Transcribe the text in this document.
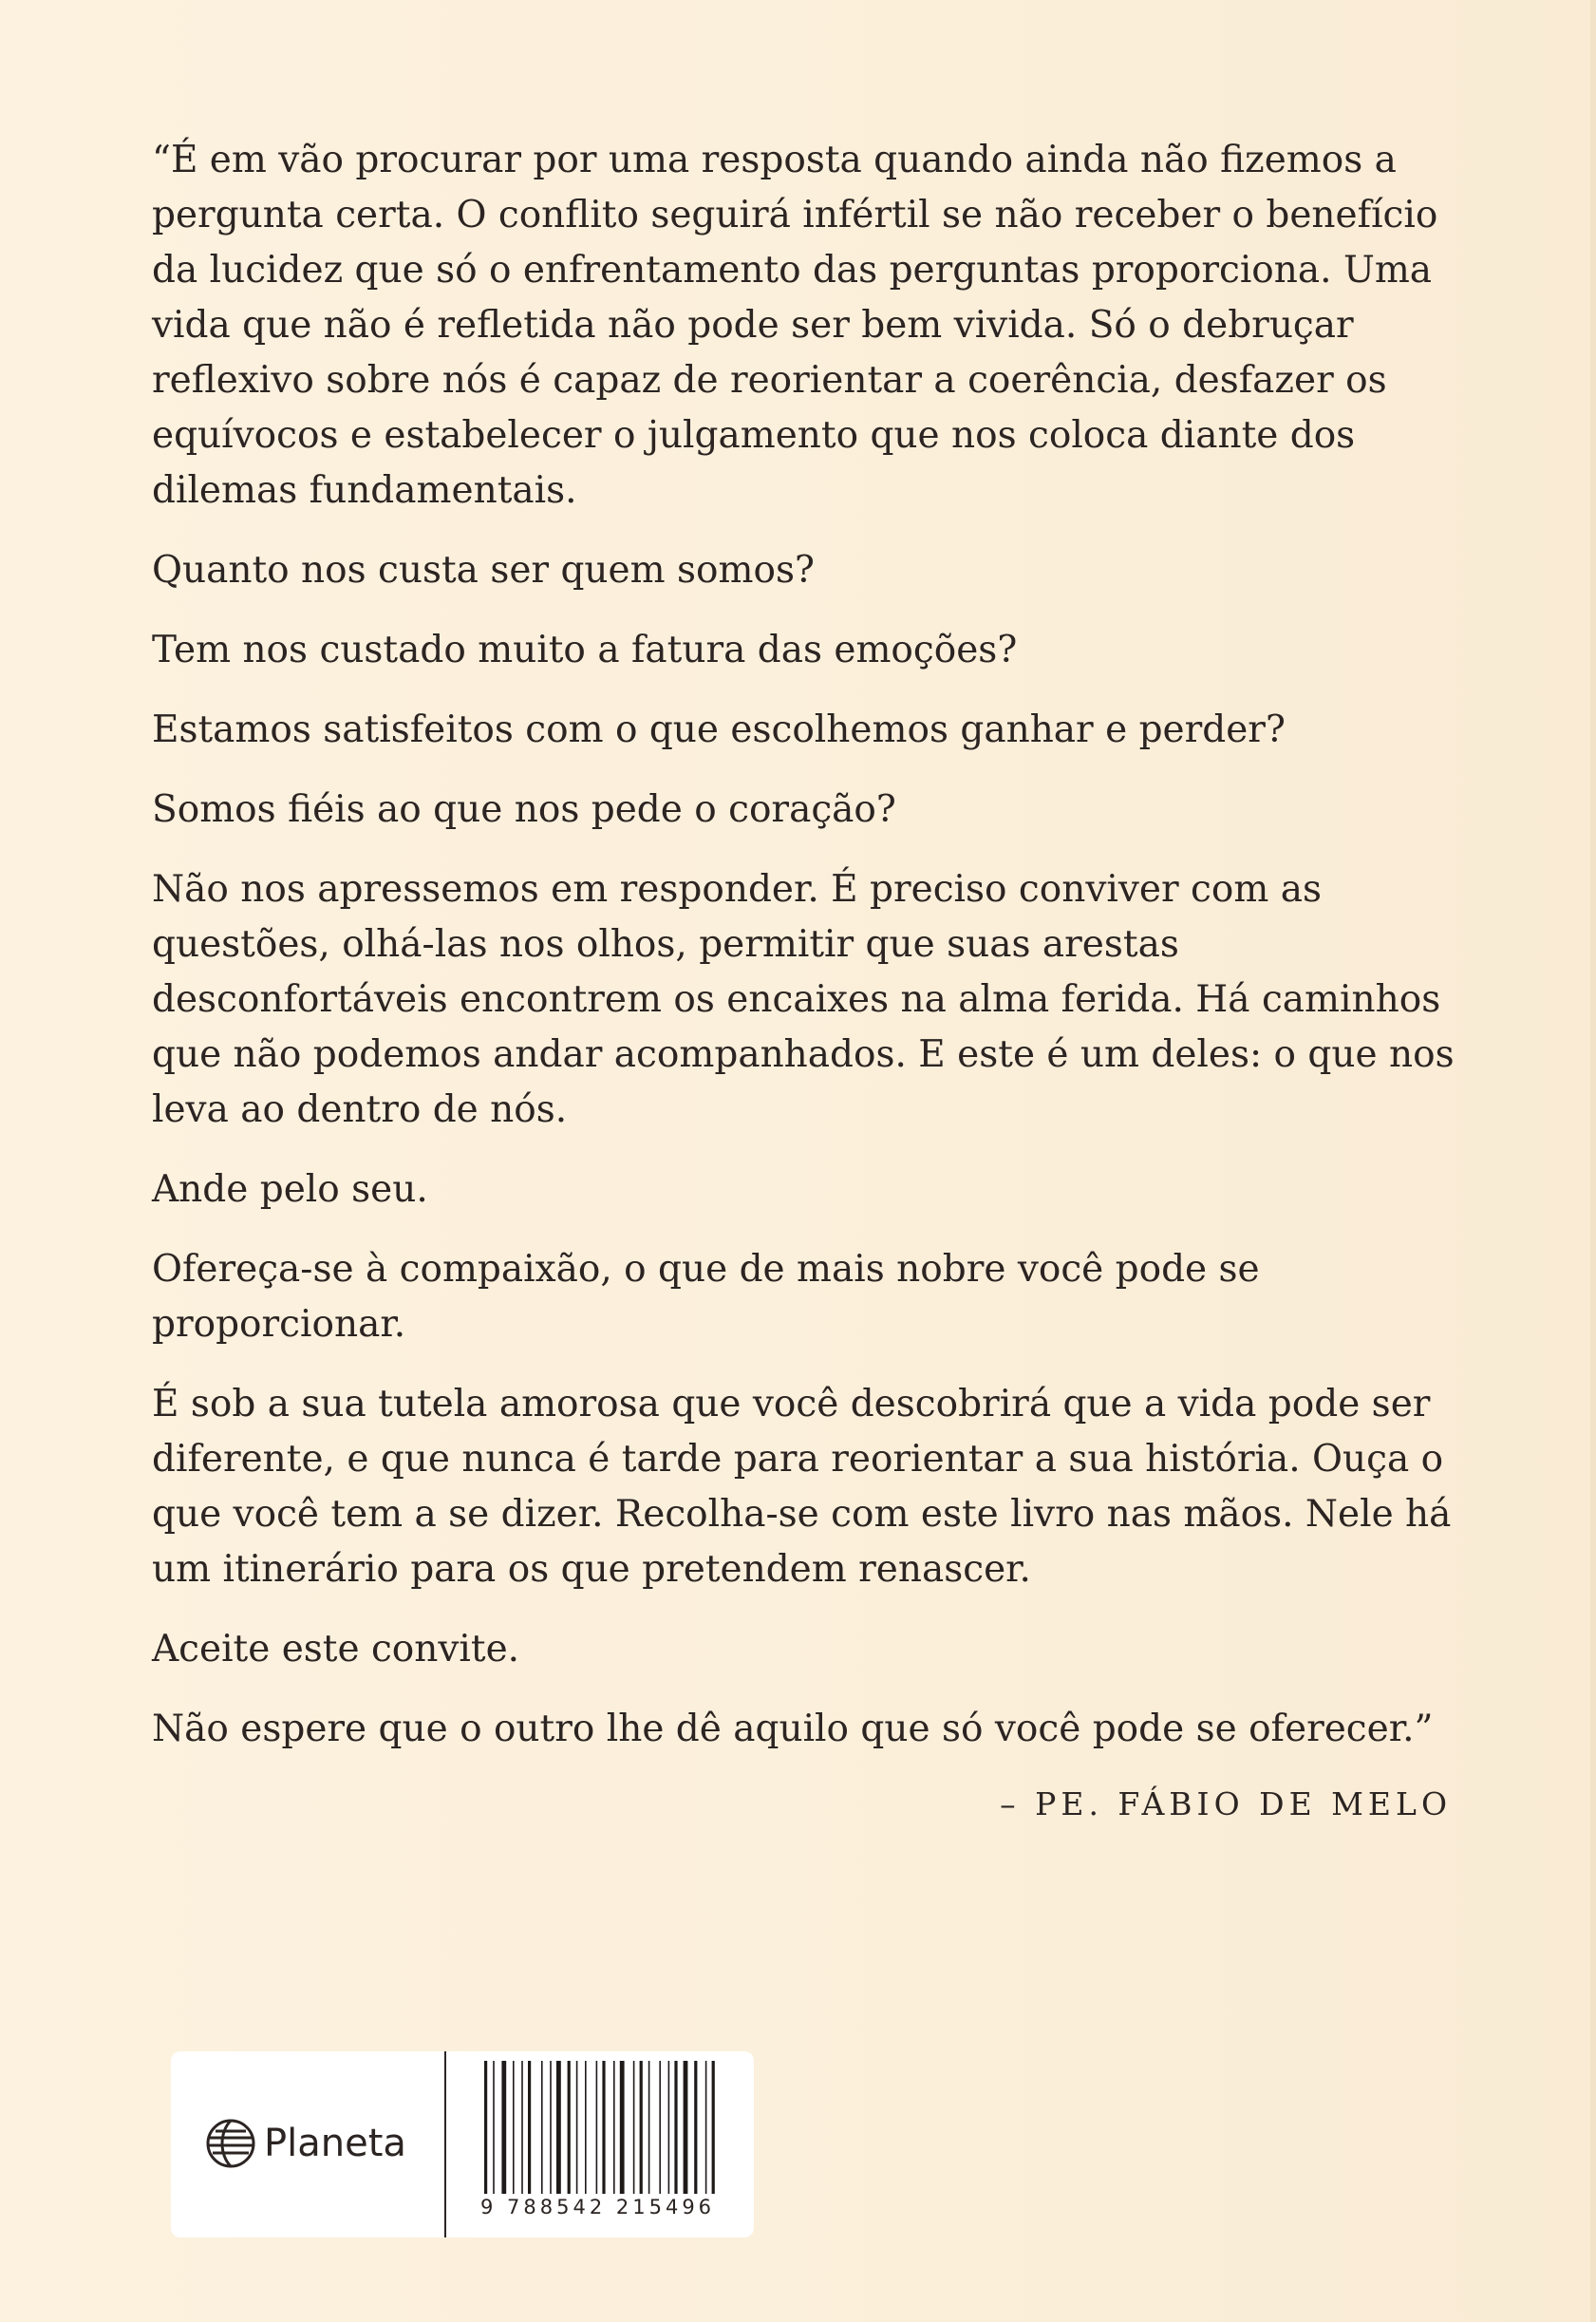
“É em vão procurar por uma resposta quando ainda não fizemos a pergunta certa. O conflito seguirá infértil se não receber o benefício da lucidez que só o enfrentamento das perguntas proporciona. Uma vida que não é refletida não pode ser bem vivida. Só o debruçar reflexivo sobre nós é capaz de reorientar a coerência, desfazer os equívocos e estabelecer o julgamento que nos coloca diante dos dilemas fundamentais.

Quanto nos custa ser quem somos?

Tem nos custado muito a fatura das emoções?

Estamos satisfeitos com o que escolhemos ganhar e perder?

Somos fiéis ao que nos pede o coração?

Não nos apressemos em responder. É preciso conviver com as questões, olhá-las nos olhos, permitir que suas arestas desconfortáveis encontrem os encaixes na alma ferida. Há caminhos que não podemos andar acompanhados. E este é um deles: o que nos leva ao dentro de nós.

Ande pelo seu.

Ofereça-se à compaixão, o que de mais nobre você pode se proporcionar.

É sob a sua tutela amorosa que você descobrirá que a vida pode ser diferente, e que nunca é tarde para reorientar a sua história. Ouça o que você tem a se dizer. Recolha-se com este livro nas mãos. Nele há um itinerário para os que pretendem renascer.

Aceite este convite.

Não espere que o outro lhe dê aquilo que só você pode se oferecer.”

– PE. FÁBIO DE MELO
Planeta
9 788542 215496
